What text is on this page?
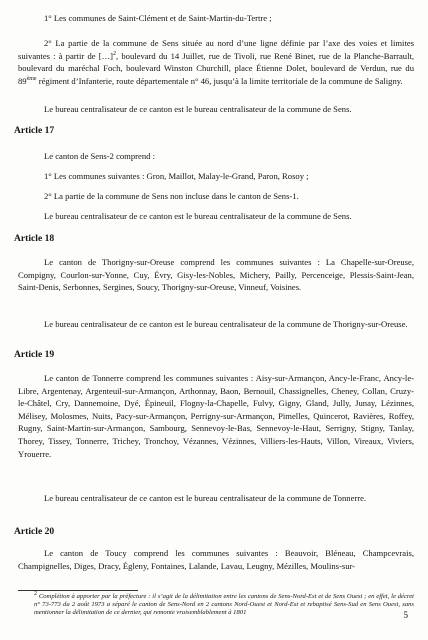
1° Les communes de Saint-Clément et de Saint-Martin-du-Tertre ;
2° La partie de la commune de Sens située au nord d’une ligne définie par l’axe des voies et limites suivantes : à partir de […]$^2$, boulevard du 14 Juillet, rue de Tivoli, rue René Binet, rue de la Planche-Barrault, boulevard du maréchal Foch, boulevard Winston Churchill, place Étienne Dolet, boulevard de Verdun, rue du 89ème régiment d’Infanterie, route départementale n° 46, jusqu’à la limite territoriale de la commune de Saligny.
Le bureau centralisateur de ce canton est le bureau centralisateur de la commune de Sens.
Article 17
Le canton de Sens-2 comprend :
1° Les communes suivantes : Gron, Maillot, Malay-le-Grand, Paron, Rosoy ;
2° La partie de la commune de Sens non incluse dans le canton de Sens-1.
Le bureau centralisateur de ce canton est le bureau centralisateur de la commune de Sens.
Article 18
Le canton de Thorigny-sur-Oreuse comprend les communes suivantes : La Chapelle-sur-Oreuse, Compigny, Courlon-sur-Yonne, Cuy, Évry, Gisy-les-Nobles, Michery, Pailly, Percenceige, Plessis-Saint-Jean, Saint-Denis, Serbonnes, Sergines, Soucy, Thorigny-sur-Oreuse, Vinneuf, Voisines.
Le bureau centralisateur de ce canton est le bureau centralisateur de la commune de Thorigny-sur-Oreuse.
Article 19
Le canton de Tonnerre comprend les communes suivantes : Aisy-sur-Armançon, Ancy-le-Franc, Ancy-le-Libre, Argentenay, Argenteuil-sur-Armançon, Arthonnay, Baon, Bernouil, Chassignelles, Cheney, Collan, Cruzy-le-Châtel, Cry, Dannemoine, Dyé, Épineuil, Flogny-la-Chapelle, Fulvy, Gigny, Gland, Jully, Junay, Lézinnes, Mélisey, Molosmes, Nuits, Pacy-sur-Armançon, Perrigny-sur-Armançon, Pimelles, Quincerot, Ravières, Roffey, Rugny, Saint-Martin-sur-Armançon, Sambourg, Sennevoy-le-Bas, Sennevoy-le-Haut, Serrigny, Stigny, Tanlay, Thorey, Tissey, Tonnerre, Trichey, Tronchoy, Vézannes, Vézinnes, Villiers-les-Hauts, Villon, Vireaux, Viviers, Yrouerre.
Le bureau centralisateur de ce canton est le bureau centralisateur de la commune de Tonnerre.
Article 20
Le canton de Toucy comprend les communes suivantes : Beauvoir, Bléneau, Champcevrais, Champignelles, Diges, Dracy, Égleny, Fontaines, Lalande, Lavau, Leugny, Mézilles, Moulins-sur-
$^2$ Complétion à apporter par la préfecture : il s’agit de la délimitation entre les cantons de Sens-Nord-Est et de Sens Ouest ; en effet, le décret n° 73-773 du 2 août 1973 a séparé le canton de Sens-Nord en 2 cantons Nord-Ouest et Nord-Est et rebaptisé Sens-Sud en Sens Ouest, sans mentionner la délimitation de ce dernier, qui remonte vraisemblablement à 1801	5
